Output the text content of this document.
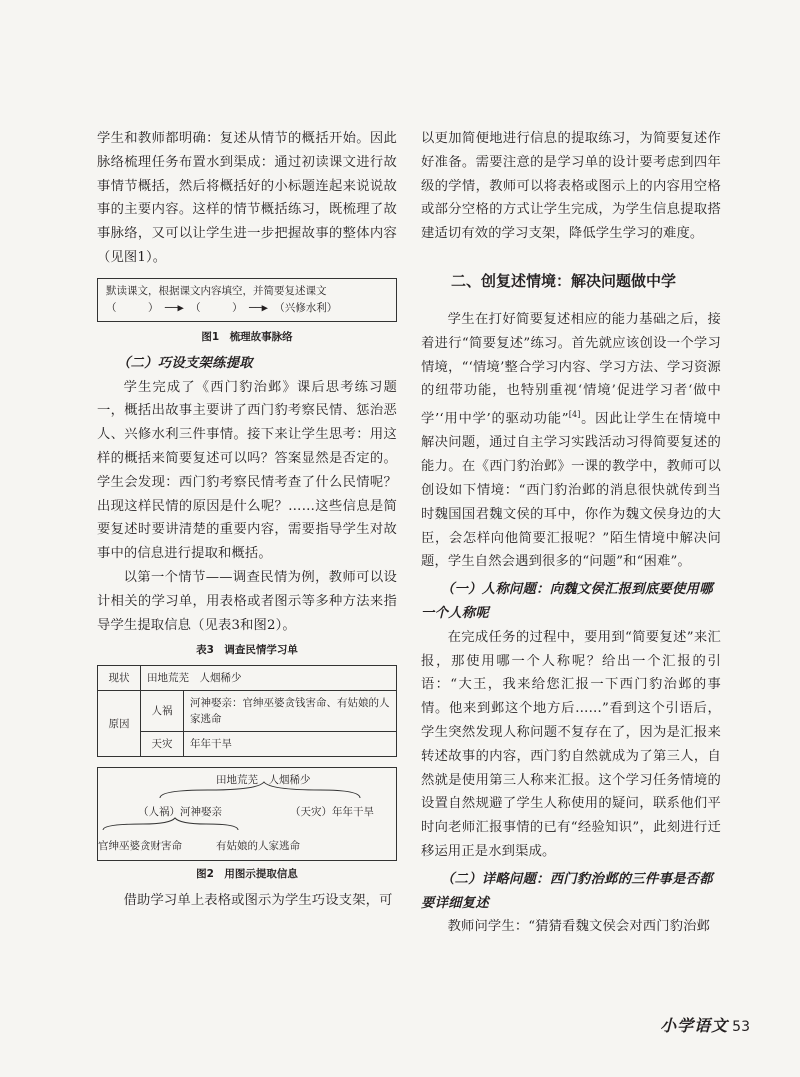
学生和教师都明确：复述从情节的概括开始。因此脉络梳理任务布置水到渠成：通过初读课文进行故事情节概括，然后将概括好的小标题连起来说说故事的主要内容。这样的情节概括练习，既梳理了故事脉络，又可以让学生进一步把握故事的整体内容（见图1）。

默读课文，根据课文内容填空，并简要复述课文
（　　　） ──▶ （　　　） ──▶ （兴修水利）
图1　梳理故事脉络
（二）巧设支架练提取

学生完成了《西门豹治邺》课后思考练习题一，概括出故事主要讲了西门豹考察民情、惩治恶人、兴修水利三件事情。接下来让学生思考：用这样的概括来简要复述可以吗？答案显然是否定的。学生会发现：西门豹考察民情考查了什么民情呢？出现这样民情的原因是什么呢？……这些信息是简要复述时要讲清楚的重要内容，需要指导学生对故事中的信息进行提取和概括。

以第一个情节——调查民情为例，教师可以设计相关的学习单，用表格或者图示等多种方法来指导学生提取信息（见表3和图2）。

表3　调查民情学习单
现状	田地荒芜　人烟稀少	
原因	人祸	河神娶亲：官绅巫婆贪钱害命、有姑娘的人家逃命
	天灾	年年干旱
田地荒芜　人烟稀少
（人祸）河神娶亲	（天灾）年年干旱
官绅巫婆贪财害命	有姑娘的人家逃命
图2　用图示提取信息

借助学习单上表格或图示为学生巧设支架，可

以更加简便地进行信息的提取练习，为简要复述作好准备。需要注意的是学习单的设计要考虑到四年级的学情，教师可以将表格或图示上的内容用空格或部分空格的方式让学生完成，为学生信息提取搭建适切有效的学习支架，降低学生学习的难度。

二、创复述情境：解决问题做中学

学生在打好简要复述相应的能力基础之后，接着进行“简要复述”练习。首先就应该创设一个学习情境，“‘情境’整合学习内容、学习方法、学习资源的纽带功能，也特别重视‘情境’促进学习者‘做中学’‘用中学’的驱动功能”[4]。因此让学生在情境中解决问题，通过自主学习实践活动习得简要复述的能力。在《西门豹治邺》一课的教学中，教师可以创设如下情境：“西门豹治邺的消息很快就传到当时魏国国君魏文侯的耳中，你作为魏文侯身边的大臣，会怎样向他简要汇报呢？”陌生情境中解决问题，学生自然会遇到很多的“问题”和“困难”。

（一）人称问题：向魏文侯汇报到底要使用哪一个人称呢

在完成任务的过程中，要用到“简要复述”来汇报，那使用哪一个人称呢？给出一个汇报的引语：“大王，我来给您汇报一下西门豹治邺的事情。他来到邺这个地方后……”看到这个引语后，学生突然发现人称问题不复存在了，因为是汇报来转述故事的内容，西门豹自然就成为了第三人，自然就是使用第三人称来汇报。这个学习任务情境的设置自然规避了学生人称使用的疑问，联系他们平时向老师汇报事情的已有“经验知识”，此刻进行迁移运用正是水到渠成。

（二）详略问题：西门豹治邺的三件事是否都要详细复述

教师问学生：“猜猜看魏文侯会对西门豹治邺

小学语文 53
